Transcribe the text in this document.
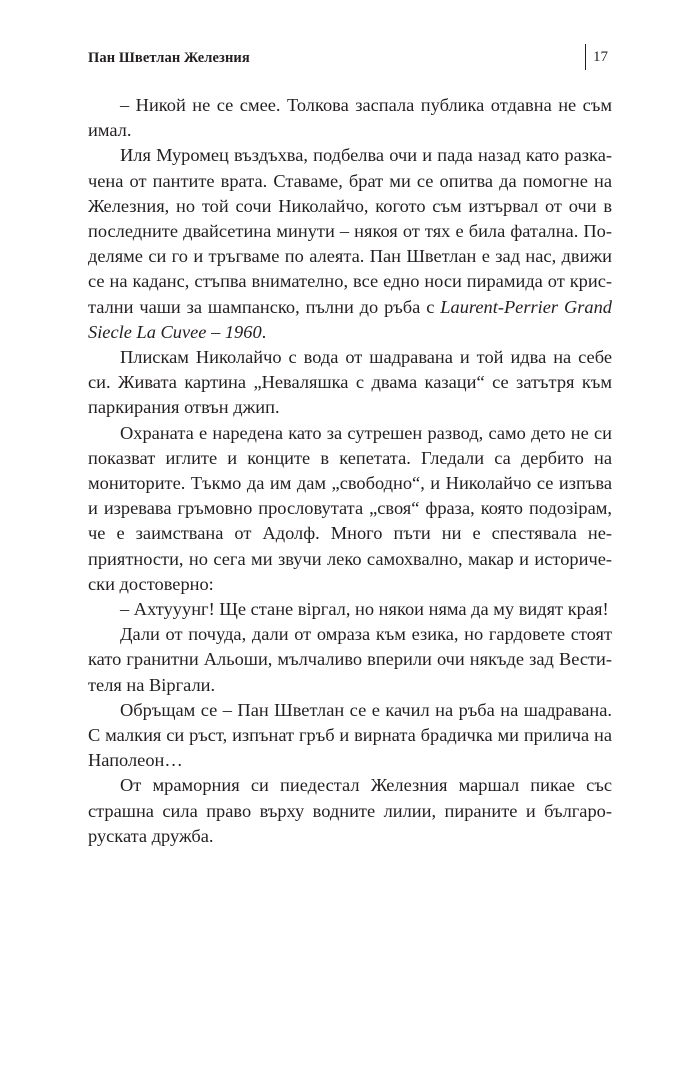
Пан Шветлан Железния	17

– Никой не се смее. Толкова заспала публика отдавна не съм имал.

Иля Муромец въздъхва, подбелва очи и пада назад като разкачена от пантите врата. Ставаме, брат ми се опитва да помогне на Железния, но той сочи Николайчо, когото съм изтървал от очи в последните двайсетина минути – някоя от тях е била фатална. Поделяме си го и тръгваме по алеята. Пан Шветлан е зад нас, движи се на каданс, стъпва внимателно, все едно носи пирамида от кристални чаши за шампанско, пълни до ръба с Laurent-Perrier Grand Siecle La Cuvee – 1960.

Плискам Николайчо с вода от шадравана и той идва на себе си. Живата картина „Неваляшка с двама казаци“ се затътря към паркирания отвън джип.

Охраната е наредена като за сутрешен развод, само дето не си показват иглите и конците в кепетата. Гледали са дербито на мониторите. Тъкмо да им дам „свободно“, и Николайчо се изпъва и изревава гръмовно прословутата „своя“ фраза, която подозірам, че е заимствана от Адолф. Много пъти ни е спестявала неприятности, но сега ми звучи леко самохвално, макар и исторически достоверно:

– Ахтууунг! Ще стане віргал, но някои няма да му видят края!

Дали от почуда, дали от омраза към езика, но гардовете стоят като гранитни Альоши, мълчаливо вперили очи някъде зад Вестителя на Віргали.

Обръщам се – Пан Шветлан се е качил на ръба на шадравана. С малкия си ръст, изпънат гръб и вирната брадичка ми прилича на Наполеон…

От мраморния си пиедестал Железния маршал пикае със страшна сила право върху водните лилии, пираните и българоруската дружба.
